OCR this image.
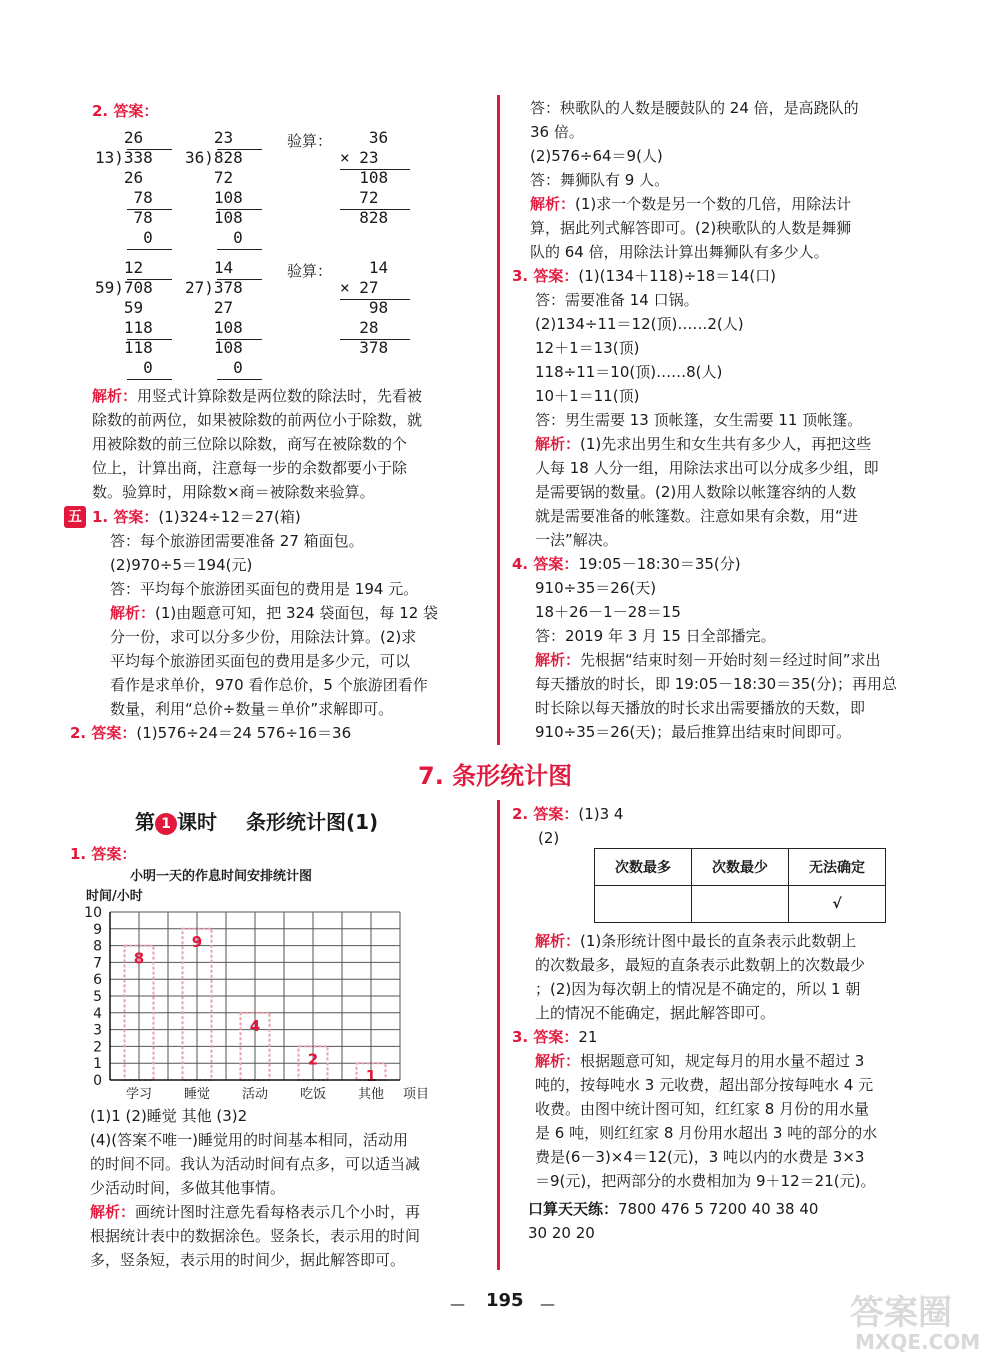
2. 答案：
26
13)338
26
78
78
0
23
36)828
72
108
108
0
验算： 36
× 23
108
72
828
12
59)708
59
118
118
0
14
27)378
27
108
108
0
验算： 14
× 27
98
28
378
解析：用竖式计算除数是两位数的除法时，先看被
除数的前两位，如果被除数的前两位小于除数，就
用被除数的前三位除以除数，商写在被除数的个
位上，计算出商，注意每一步的余数都要小于除
数。验算时，用除数×商＝被除数来验算。
五 1. 答案：(1)324÷12＝27(箱)
答：每个旅游团需要准备 27 箱面包。
(2)970÷5＝194(元)
答：平均每个旅游团买面包的费用是 194 元。
解析：(1)由题意可知，把 324 袋面包，每 12 袋
分一份，求可以分多少份，用除法计算。(2)求
平均每个旅游团买面包的费用是多少元，可以
看作是求单价，970 看作总价，5 个旅游团看作
数量，利用“总价÷数量＝单价”求解即可。
2. 答案：(1)576÷24＝24 576÷16＝36
答：秧歌队的人数是腰鼓队的 24 倍，是高跷队的
36 倍。
(2)576÷64＝9(人)
答：舞狮队有 9 人。
解析：(1)求一个数是另一个数的几倍，用除法计
算，据此列式解答即可。(2)秧歌队的人数是舞狮
队的 64 倍，用除法计算出舞狮队有多少人。
3. 答案：(1)(134＋118)÷18＝14(口)
答：需要准备 14 口锅。
(2)134÷11＝12(顶)……2(人)
12＋1＝13(顶)
118÷11＝10(顶)……8(人)
10＋1＝11(顶)
答：男生需要 13 顶帐篷，女生需要 11 顶帐篷。
解析：(1)先求出男生和女生共有多少人，再把这些
人每 18 人分一组，用除法求出可以分成多少组，即
是需要锅的数量。(2)用人数除以帐篷容纳的人数
就是需要准备的帐篷数。注意如果有余数，用“进
一法”解决。
4. 答案：19:05－18:30＝35(分)
910÷35＝26(天)
18＋26－1－28＝15
答：2019 年 3 月 15 日全部播完。
解析：先根据“结束时刻－开始时刻＝经过时间”求出
每天播放的时长，即 19:05－18:30＝35(分)；再用总
时长除以每天播放的时长求出需要播放的天数，即
910÷35＝26(天)；最后推算出结束时间即可。
7. 条形统计图
第 1 课时 条形统计图(1)
1. 答案：
小明一天的作息时间安排统计图
时间/小时
0
1
2
3
4
5
6
7
8
9
10
8
学习
9
睡觉
4
活动
2
吃饭
1
其他 项目
(1)1 (2)睡觉 其他 (3)2
(4)(答案不唯一)睡觉用的时间基本相同，活动用
的时间不同。我认为活动时间有点多，可以适当减
少活动时间，多做其他事情。
解析：画统计图时注意先看每格表示几个小时，再
根据统计表中的数据涂色。竖条长，表示用的时间
多，竖条短，表示用的时间少，据此解答即可。
2. 答案：(1)3 4
(2)
次数最多	次数最少	无法确定
		√
解析：(1)条形统计图中最长的直条表示此数朝上
的次数最多，最短的直条表示此数朝上的次数最少
；(2)因为每次朝上的情况是不确定的，所以 1 朝
上的情况不能确定，据此解答即可。
3. 答案：21
解析：根据题意可知，规定每月的用水量不超过 3
吨的，按每吨水 3 元收费，超出部分按每吨水 4 元
收费。由图中统计图可知，红红家 8 月份的用水量
是 6 吨，则红红家 8 月份用水超出 3 吨的部分的水
费是(6－3)×4＝12(元)，3 吨以内的水费是 3×3
＝9(元)，把两部分的水费相加为 9＋12＝21(元)。
口算天天练：7800 476 5 7200 40 38 40
30 20 20
— 195 —	答案圈
MXQE.COM
